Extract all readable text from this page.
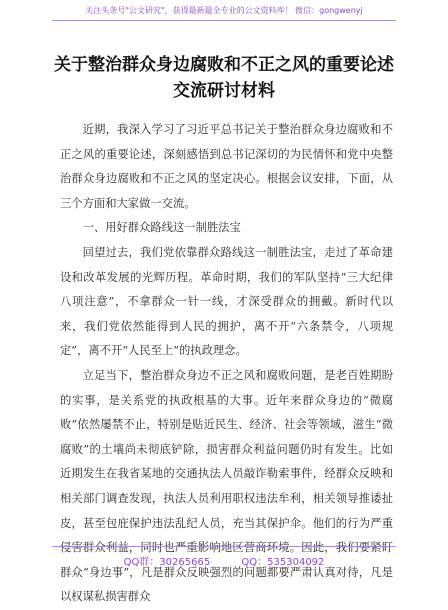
关注头条号"公文研究"，获得最新最全专业的公文资料库！ 微信：gongwenyj
关于整治群众身边腐败和不正之风的重要论述
交流研讨材料

近期，我深入学习了习近平总书记关于整治群众身边腐败和不正之风的重要论述，深刻感悟到总书记深切的为民情怀和党中央整治群众身边腐败和不正之风的坚定决心。根据会议安排，下面，从三个方面和大家做一交流。

一、用好群众路线这一制胜法宝

回望过去，我们党依靠群众路线这一制胜法宝，走过了革命建设和改革发展的光辉历程。革命时期，我们的军队坚持“三大纪律八项注意”，不拿群众一针一线，才深受群众的拥戴。新时代以来，我们党依然能得到人民的拥护，离不开“六条禁令，八项规定”，离不开“人民至上”的执政理念。

立足当下，整治群众身边不正之风和腐败问题，是老百姓期盼的实事，是关系党的执政根基的大事。近年来群众身边的“微腐败”依然屡禁不止，特别是贴近民生、经济、社会等领域，滋生“微腐败”的土壤尚未彻底铲除，损害群众利益问题仍时有发生。比如近期发生在我省某地的交通执法人员敲诈勒索事件，经群众反映和相关部门调查发现，执法人员利用职权违法牟利，相关领导推诿扯皮，甚至包庇保护违法乱纪人员，充当其保护伞。他们的行为严重侵害群众利益，同时也严重影响地区营商环境。因此，我们要紧盯群众“身边事”，凡是群众反映强烈的问题都要严肃认真对待，凡是以权谋私损害群众

QQ群：30265665	QQ：535304092
